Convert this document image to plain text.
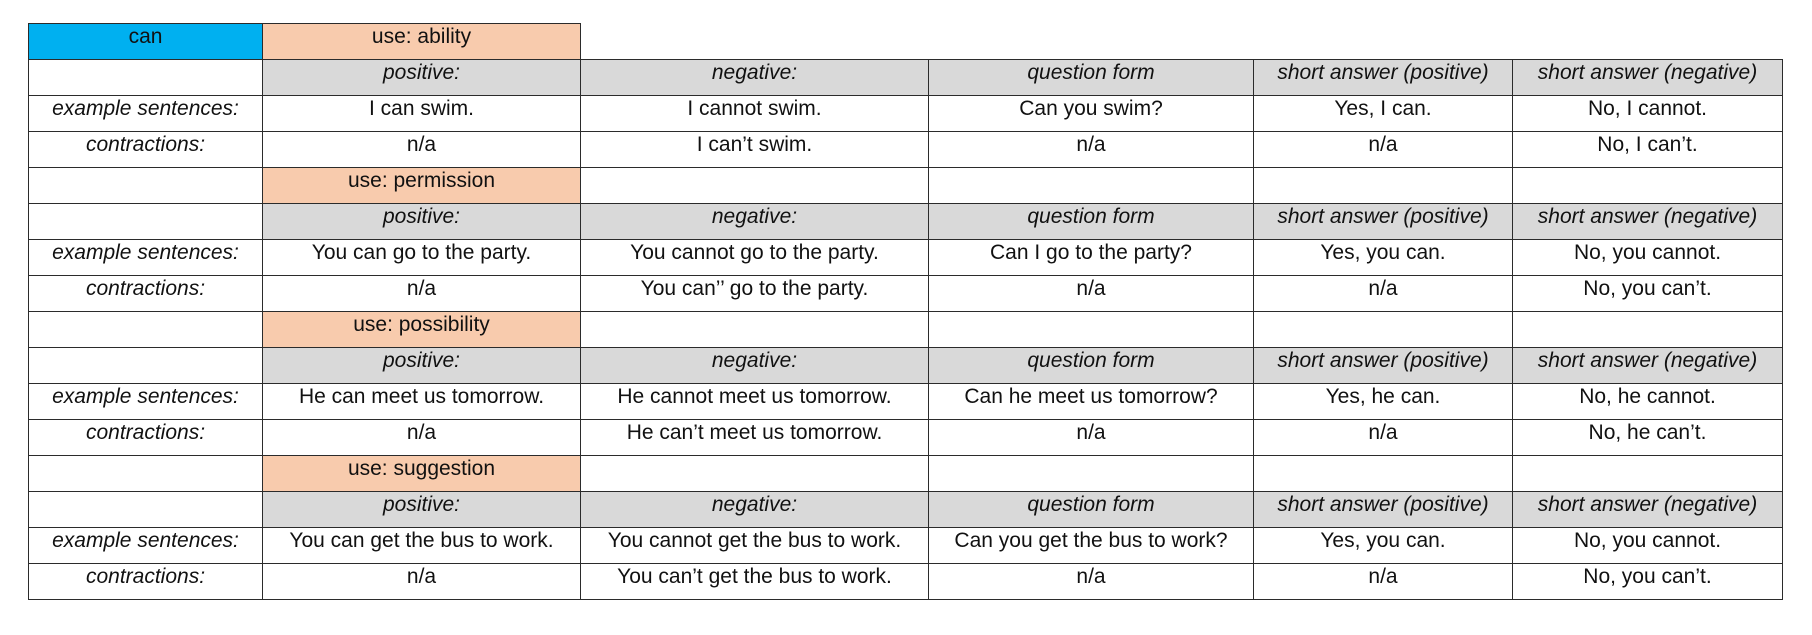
can	use: ability				
	positive:	negative:	question form	short answer (positive)	short answer (negative)
example sentences:	I can swim.	I cannot swim.	Can you swim?	Yes, I can.	No, I cannot.
contractions:	n/a	I can’t swim.	n/a	n/a	No, I can’t.
	use: permission				
	positive:	negative:	question form	short answer (positive)	short answer (negative)
example sentences:	You can go to the party.	You cannot go to the party.	Can I go to the party?	Yes, you can.	No, you cannot.
contractions:	n/a	You can’’ go to the party.	n/a	n/a	No, you can’t.
	use: possibility				
	positive:	negative:	question form	short answer (positive)	short answer (negative)
example sentences:	He can meet us tomorrow.	He cannot meet us tomorrow.	Can he meet us tomorrow?	Yes, he can.	No, he cannot.
contractions:	n/a	He can’t meet us tomorrow.	n/a	n/a	No, he can’t.
	use: suggestion				
	positive:	negative:	question form	short answer (positive)	short answer (negative)
example sentences:	You can get the bus to work.	You cannot get the bus to work.	Can you get the bus to work?	Yes, you can.	No, you cannot.
contractions:	n/a	You can’t get the bus to work.	n/a	n/a	No, you can’t.
